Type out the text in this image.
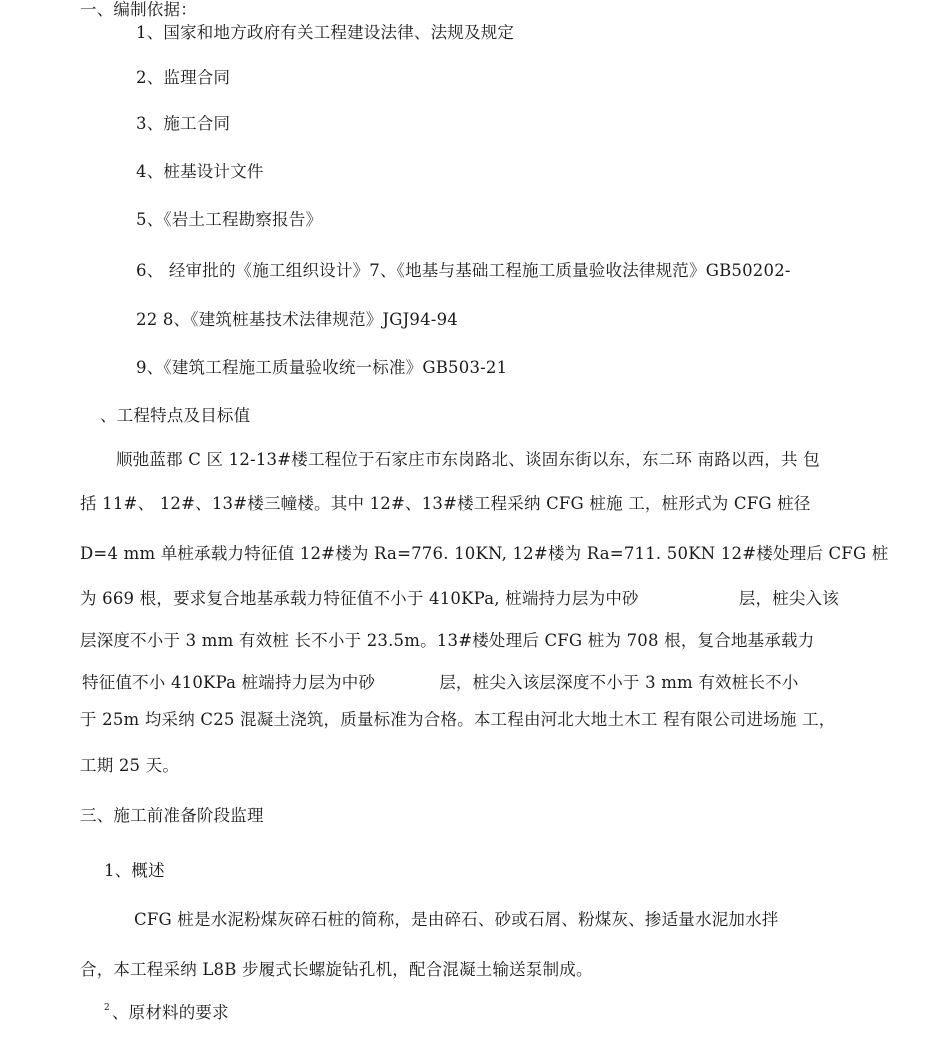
一、编制依据：
1、国家和地方政府有关工程建设法律、法规及规定
2、监理合同
3、施工合同
4、桩基设计文件
5、《岩土工程勘察报告》
6、 经审批的《施工组织设计》7、《地基与基础工程施工质量验收法律规范》GB50202-
22 8、《建筑桩基技术法律规范》JGJ94-94
9、《建筑工程施工质量验收统一标准》GB503-21
、工程特点及目标值
顺弛蓝郡 C 区 12-13#楼工程位于石家庄市东岗路北、谈固东街以东，东二环 南路以西，共 包
括 11#、 12#、13#楼三幢楼。其中 12#、13#楼工程采纳 CFG 桩施 工，桩形式为 CFG 桩径
D=4 mm 单桩承载力特征值 12#楼为 Ra=776. 10KN, 12#楼为 Ra=711. 50KN 12#楼处理后 CFG 桩
为 669 根，要求复合地基承载力特征值不小于 410KPa, 桩端持力层为中砂	层，桩尖入该
层深度不小于 3 mm 有效桩 长不小于 23.5m。13#楼处理后 CFG 桩为 708 根，复合地基承载力
特征值不小 410KPa 桩端持力层为中砂	层，桩尖入该层深度不小于 3 mm 有效桩长不小
于 25m 均采纳 C25 混凝土浇筑，质量标准为合格。本工程由河北大地土木工 程有限公司进场施 工，
工期 25 天。
三、施工前准备阶段监理
1、概述
CFG 桩是水泥粉煤灰碎石桩的简称，是由碎石、砂或石屑、粉煤灰、掺适量水泥加水拌
合，本工程采纳 L8B 步履式长螺旋钻孔机，配合混凝土输送泵制成。
$^2$ 、原材料的要求
